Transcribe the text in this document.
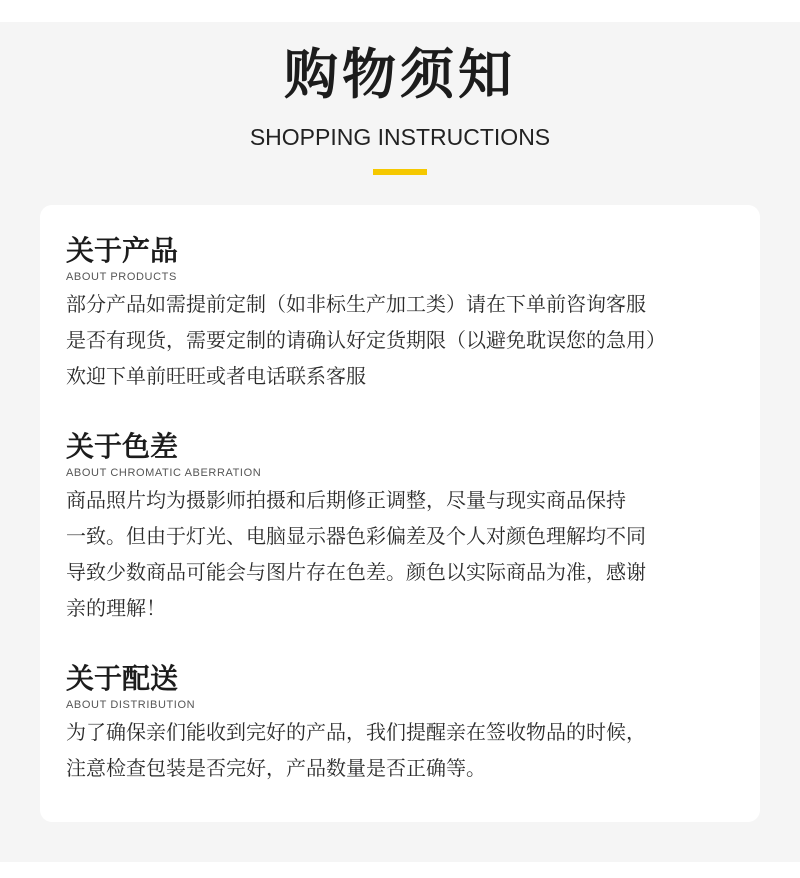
购物须知
SHOPPING INSTRUCTIONS
关于产品
ABOUT PRODUCTS
部分产品如需提前定制（如非标生产加工类）请在下单前咨询客服
是否有现货，需要定制的请确认好定货期限（以避免耽误您的急用）
欢迎下单前旺旺或者电话联系客服
关于色差
ABOUT CHROMATIC ABERRATION
商品照片均为摄影师拍摄和后期修正调整，尽量与现实商品保持
一致。但由于灯光、电脑显示器色彩偏差及个人对颜色理解均不同
导致少数商品可能会与图片存在色差。颜色以实际商品为准，感谢
亲的理解！
关于配送
ABOUT DISTRIBUTION
为了确保亲们能收到完好的产品，我们提醒亲在签收物品的时候，
注意检查包装是否完好，产品数量是否正确等。
